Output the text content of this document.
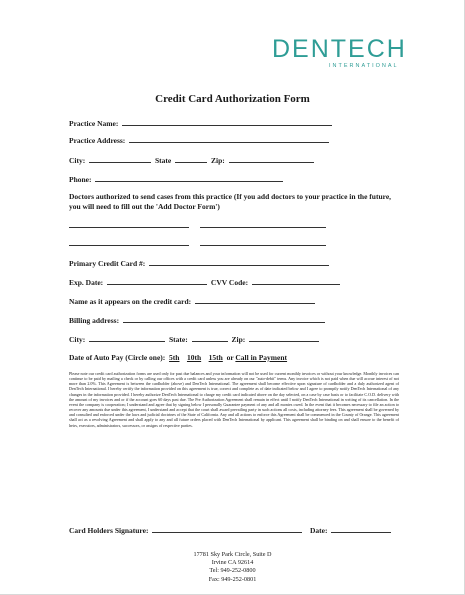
DENTECH
INTERNATIONAL
Credit Card Authorization Form
Practice Name:
Practice Address:
City:	State	Zip:
Phone:
Doctors authorized to send cases from this practice (If you add doctors to your practice in the future, you will need to fill out the 'Add Doctor Form')
Primary Credit Card #:
Exp. Date:	CVV Code:
Name as it appears on the credit card:
Billing address:
City:	State:	Zip:
Date of Auto Pay (Circle one): 5th 10th 15th or Call in Payment
Please note our credit card authorization forms are used only for past due balances and your information will not be used for current monthly invoices or without your knowledge. Monthly invoices can continue to be paid by mailing a check or by calling our offices with a credit card unless you are already on our "auto-debit" terms. Any invoice which is not paid when due will accrue interest of not more than 2.0%. This Agreement is between the cardholder (above) and DenTech International. The agreement shall become effective upon signature of cardholder and a duly authorized agent of DenTech International. I hereby certify the information provided on this agreement is true, correct and complete as of date indicated below and I agree to promptly notify DenTech International of any changes in the information provided. I hereby authorize DenTech International to charge my credit card indicated above on the day selected, on a case by case basis or to facilitate C.O.D. delivery with the amount of my invoices and or if the account goes 60 days past due. The Pre Authorization Agreement shall remain in effect until I notify DenTech International in writing of its cancellation. In the event the company is cooperation; I understand and agree that by signing below I personally Guarantee payment of any and all monies owed. In the event that it becomes necessary to file an action to recover any amounts due under this agreement, I understand and accept that the court shall award prevailing party in such actions all costs, including attorney fees. This agreement shall be governed by and consulted and enforced under the laws and judicial doctrines of the State of California. Any and all actions to enforce this Agreement shall be commenced in the County of Orange. This agreement shall act as a revolving Agreement and shall apply to any and all future orders placed with DenTech International by applicant. This agreement shall be binding on and shall ensure to the benefit of heirs, executors, administrators, successors, or assigns of respective parties.
Card Holders Signature:	Date:
17781 Sky Park Circle, Suite D
Irvine CA 92614
Tel: 949-252-0800
Fax: 949-252-0801
